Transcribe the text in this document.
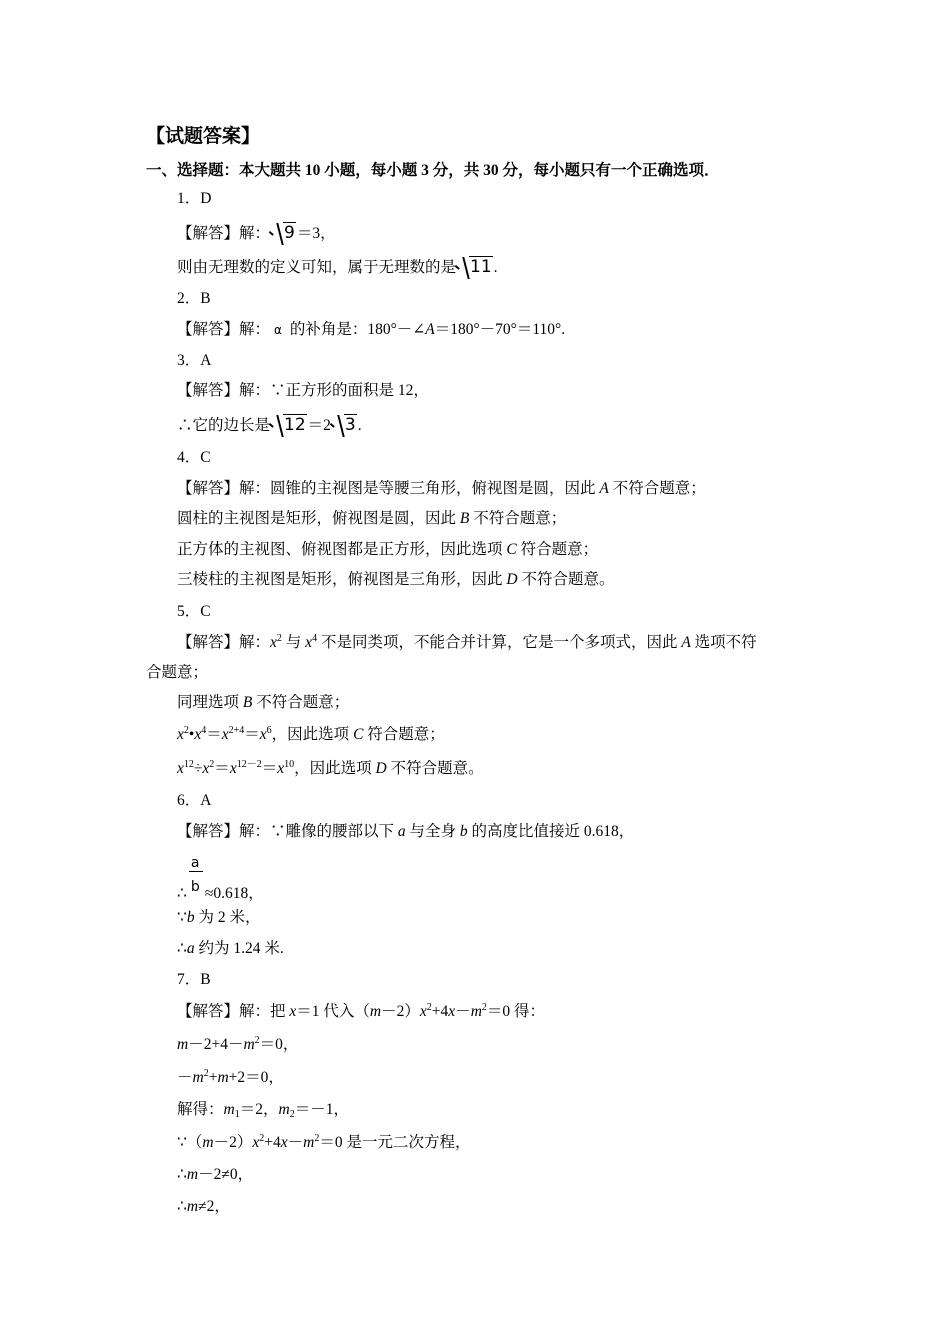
【试题答案】
一、选择题：本大题共 10 小题，每小题 3 分，共 30 分，每小题只有一个正确选项．
1．D
【解答】解： 9 ＝3，
则由无理数的定义可知，属于无理数的是 11 .
2．B
【解答】解： α 的补角是：180°－∠A＝180°－70°＝110°.
3．A
【解答】解：∵正方形的面积是 12，
∴它的边长是 12 ＝2 3 .
4．C
【解答】解：圆锥的主视图是等腰三角形，俯视图是圆，因此 A 不符合题意；
圆柱的主视图是矩形，俯视图是圆，因此 B 不符合题意；
正方体的主视图、俯视图都是正方形，因此选项 C 符合题意；
三棱柱的主视图是矩形，俯视图是三角形，因此 D 不符合题意。
5．C
【解答】解：$x^2$ 与 $x^4$ 不是同类项，不能合并计算，它是一个多项式，因此 A 选项不符
合题意；
同理选项 B 不符合题意；
$x^2•x^4=x^{2+4}=x^6$，因此选项 C 符合题意；
$x^{12}\div x^2=x^{12-2}=x^{10}$，因此选项 D 不符合题意。
6．A
【解答】解：∵雕像的腰部以下 a 与全身 b 的高度比值接近 0.618，
∴ $\frac{a}{b} \approx 0.618$，
∵b 为 2 米，
∴a 约为 1.24 米.
7．B
【解答】解：把 x＝1 代入$(m-2)x^2+4x-m^2=0$ 得：
$m-2+4-m^2=0$，
$-m^2+m+2=0$，
解得：$m_1=2$，$m_2=-1$，
$\because(m-2)x^2+4x-m^2=0$ 是一元二次方程，
∴m－2≠0，
∴m≠2，
